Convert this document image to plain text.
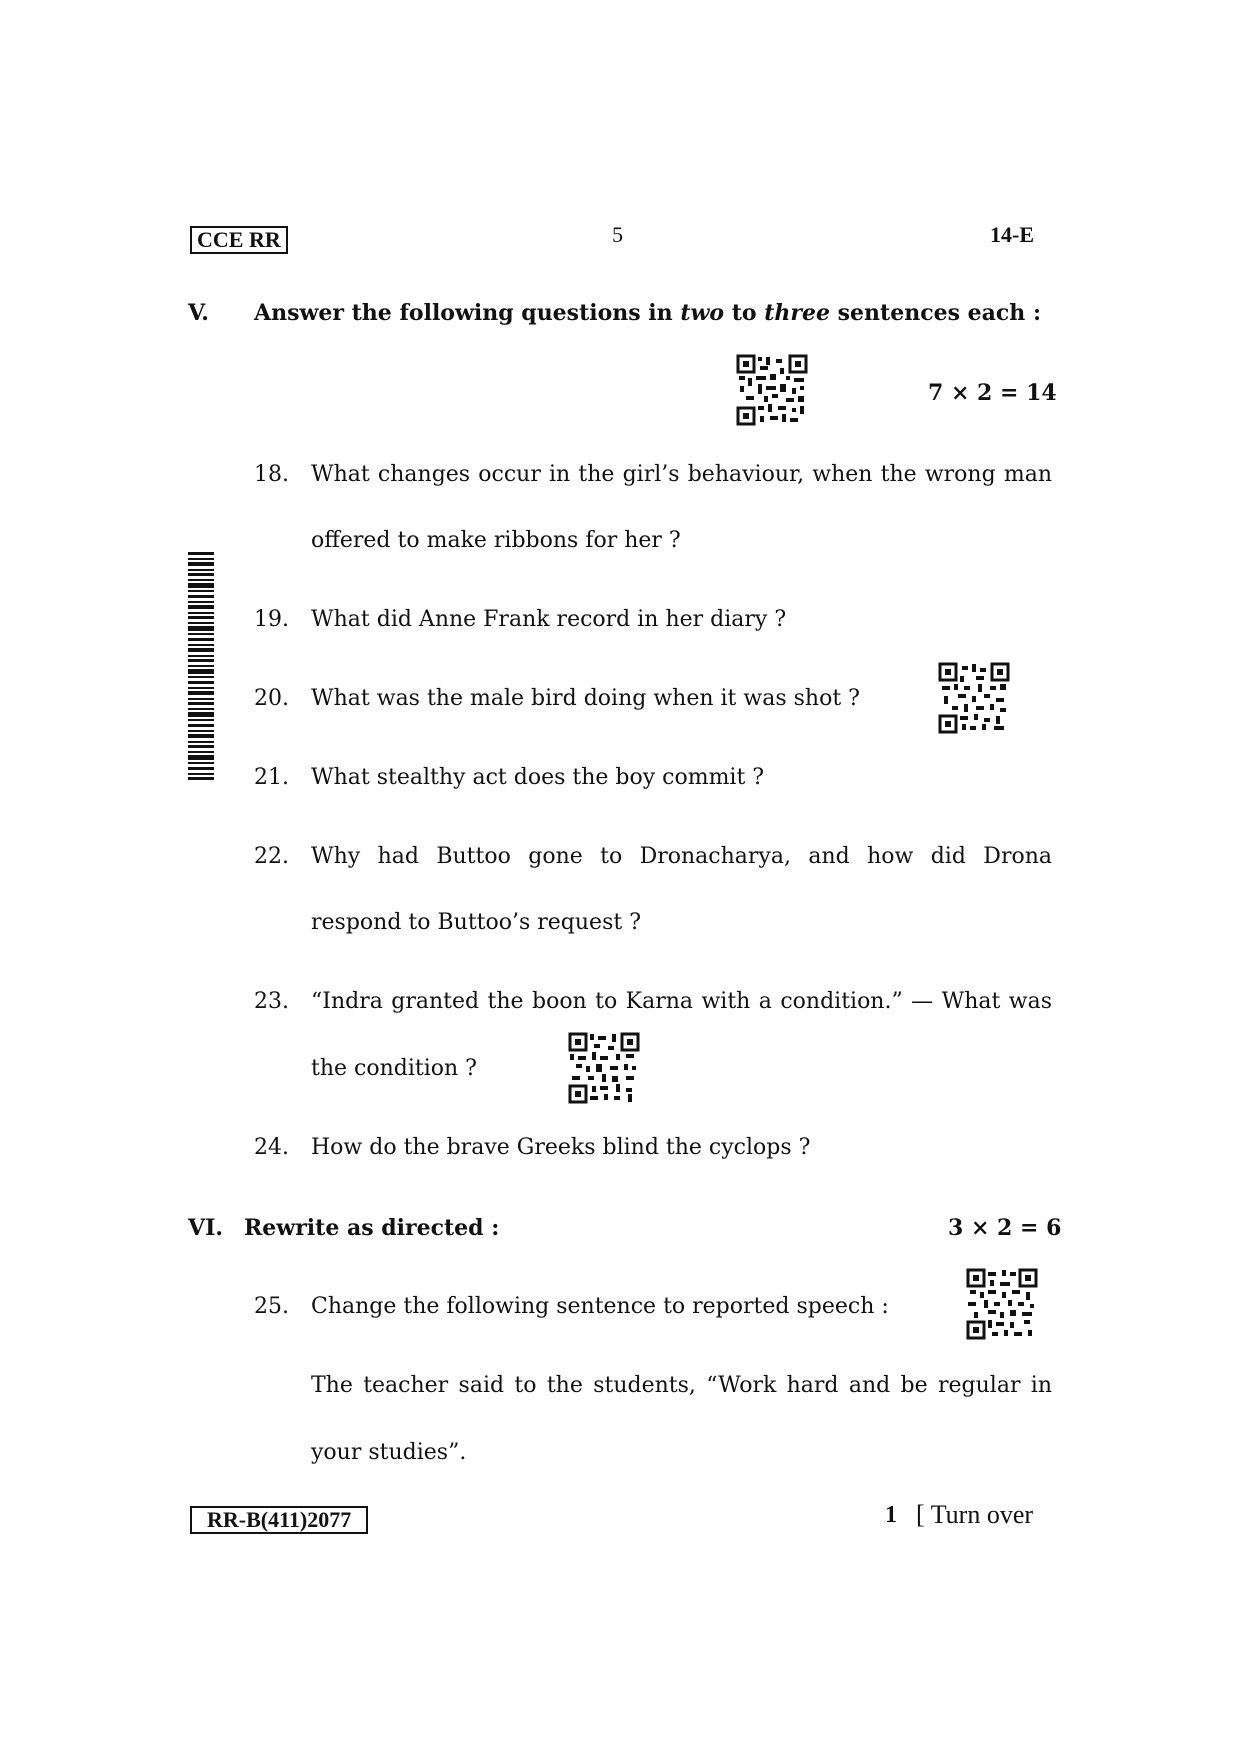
CCE RR	5	14-E
V. Answer the following questions in two to three sentences each :
7 × 2 = 14
18. What changes occur in the girl’s behaviour, when the wrong man
offered to make ribbons for her ?
19. What did Anne Frank record in her diary ?
20. What was the male bird doing when it was shot ?
21. What stealthy act does the boy commit ?
22. Why had Buttoo gone to Dronacharya, and how did Drona
respond to Buttoo’s request ?
23. “Indra granted the boon to Karna with a condition.” — What was
the condition ?
24. How do the brave Greeks blind the cyclops ?
VI. Rewrite as directed :	3 × 2 = 6
25. Change the following sentence to reported speech :
The teacher said to the students, “Work hard and be regular in
your studies”.
RR-B(411)2077	1 [ Turn over
